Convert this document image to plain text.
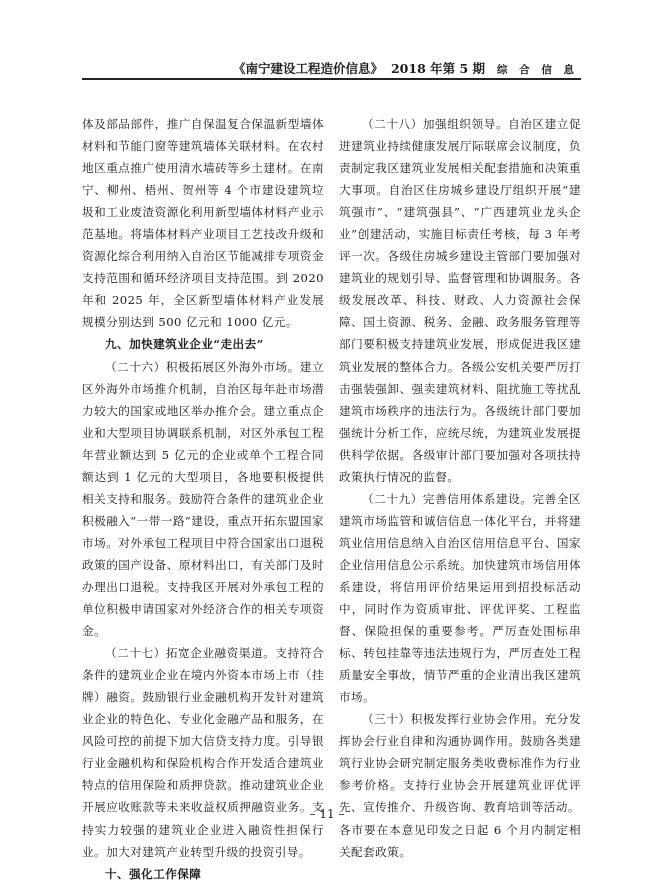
《南宁建设工程造价信息》 2018 年第 5 期 综 合 信 息

体及部品部件，推广自保温复合保温新型墙体材料和节能门窗等建筑墙体关联材料。在农村地区重点推广使用清水墙砖等乡土建材。在南宁、柳州、梧州、贺州等 4 个市建设建筑垃圾和工业废渣资源化利用新型墙体材料产业示范基地。将墙体材料产业项目工艺技改升级和资源化综合利用纳入自治区节能减排专项资金支持范围和循环经济项目支持范围。到 2020 年和 2025 年，全区新型墙体材料产业发展规模分别达到 500 亿元和 1000 亿元。

九、加快建筑业企业“走出去”

（二十六）积极拓展区外海外市场。建立区外海外市场推介机制，自治区每年赴市场潜力较大的国家或地区举办推介会。建立重点企业和大型项目协调联系机制，对区外承包工程年营业额达到 5 亿元的企业或单个工程合同额达到 1 亿元的大型项目，各地要积极提供相关支持和服务。鼓励符合条件的建筑业企业积极融入“一带一路”建设，重点开拓东盟国家市场。对外承包工程项目中符合国家出口退税政策的国产设备、原材料出口，有关部门及时办理出口退税。支持我区开展对外承包工程的单位积极申请国家对外经济合作的相关专项资金。

（二十七）拓宽企业融资渠道。支持符合条件的建筑业企业在境内外资本市场上市（挂牌）融资。鼓励银行业金融机构开发针对建筑业企业的特色化、专业化金融产品和服务，在风险可控的前提下加大信贷支持力度。引导银行业金融机构和保险机构合作开发适合建筑业特点的信用保险和质押贷款。推动建筑业企业开展应收账款等未来收益权质押融资业务。支持实力较强的建筑业企业进入融资性担保行业。加大对建筑产业转型升级的投资引导。

十、强化工作保障

（二十八）加强组织领导。自治区建立促进建筑业持续健康发展厅际联席会议制度，负责制定我区建筑业发展相关配套措施和决策重大事项。自治区住房城乡建设厅组织开展“建筑强市”、“建筑强县”、“广西建筑业龙头企业”创建活动，实施目标责任考核，每 3 年考评一次。各级住房城乡建设主管部门要加强对建筑业的规划引导、监督管理和协调服务。各级发展改革、科技、财政、人力资源社会保障、国土资源、税务、金融、政务服务管理等部门要积极支持建筑业发展，形成促进我区建筑业发展的整体合力。各级公安机关要严厉打击强装强卸、强卖建筑材料、阻扰施工等扰乱建筑市场秩序的违法行为。各级统计部门要加强统计分析工作，应统尽统，为建筑业发展提供科学依据。各级审计部门要加强对各项扶持政策执行情况的监督。

（二十九）完善信用体系建设。完善全区建筑市场监管和诚信信息一体化平台，并将建筑业信用信息纳入自治区信用信息平台、国家企业信用信息公示系统。加快建筑市场信用体系建设，将信用评价结果运用到招投标活动中，同时作为资质审批、评优评奖、工程监督、保险担保的重要参考。严厉查处围标串标、转包挂靠等违法违规行为，严厉查处工程质量安全事故，情节严重的企业清出我区建筑市场。

（三十）积极发挥行业协会作用。充分发挥协会行业自律和沟通协调作用。鼓励各类建筑行业协会研究制定服务类收费标准作为行业参考价格。支持行业协会开展建筑业评优评先、宣传推介、升级咨询、教育培训等活动。

各市要在本意见印发之日起 6 个月内制定相关配套政策。

– 11 –
